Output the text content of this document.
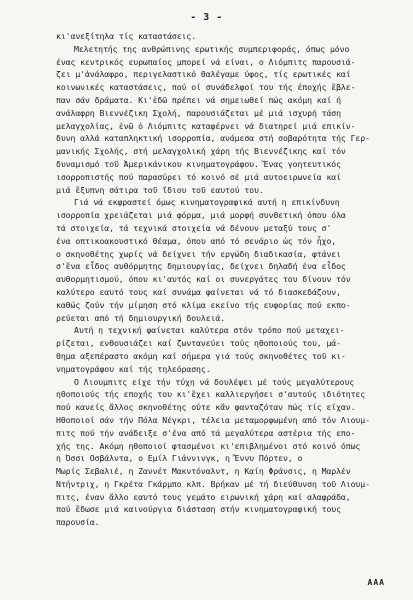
- 3 -
κι'ανεξίτηλα τίς καταστάσεις.
Μελετητής της ανθρώπινης ερωτικής συμπεριφοράς, όπως μόνο
ένας κεντρικός ευρωπαίος μπορεί νά είναι, ο Λιόμπιτς παρουσιά-
ζει μ'ἀνάλαφρο, περιγελαστικό θαλέγαμε ύφος, τίς ερωτικές καί
κοινωνικές καταστάσεις, πού οί συνάδελφοί του τής έποχής ἔβλε-
παν σάν δράματα. Κι'ἐδῶ πρέπει νά σημειωθεί πώς ακόμη καί ή
ανάλαφρη Βιεννέζικη Σχολή, παρουσιάζεται μέ μιά ισχυρή τάση
μελαγχολίας, ἐνῶ ὁ Λιόμπιτς καταφέρνει νά διατηρεί μιά επικίν-
δυνη αλλά καταπληκτική ισορροπία, ανάμεσα στή σοβαρότητα τής Γερ-
μανικής Σχολής, στή μελαγχολική χάρη τής Βιεννέζικης καί τόν
δυναμισμό τοῦ Ἀμερικάνικου κινηματογράφου. Ἕνας γοητευτικός
ισορροπιστής πού παρασύρει τό κοινό σέ μιά αυτοειρωνεία καί
μιά ἔξυπνη σάτιρα τοῦ ἴδιου τοῦ εαυτού του.
Γιά νά εκφραστεί όμως κινηματογραφικά αυτή η επικίνδυνη
ισορροπία χρειάζεται μιά φόρμα, μιά μορφή συνθετική όπου όλα
τά στοιχεία, τά τεχνικά στοιχεία νά δένουν μεταξύ τους σ'
ένα οπτικοακουστικό θέαμα, όπου από τό σενάριο ὡς τόν ἦχο,
ο σκηνοθέτης χωρίς νά δείχνει τήν εργώδη διαδικασία, φτάνει
σ'ἕνα εἶδος αυθόρμητης δημιουργίας, δείχνει δηλαδή ένα εἶδος
αυθορμητισμού, όπου κι'αυτός καί οι συνεργάτες του δίνουν τόν
καλύτερο εαυτό τους καί συνάμα φαίνεται νά τό διασκεδάζουν,
καθώς ζούν τήν μίμηση στό κλίμα εκείνο τής ευφορίας πού εκπο-
ρεύεται από τή δημιουργική δουλειά.
Αυτή η τεχνική φαίνεται καλύτερα στόν τρόπο πού μεταχει-
ρίζεται, ενθουσιάζει καί ζωντανεύει τούς ηθοποιούς του, μά-
θημα αξεπέραστο ακόμη καί σήμερα γιά τούς σκηνοθέτες τοῦ κι-
νηματογράφου καί τής τηλεόρασης.
Ο Λιουμπιτς είχε τήν τύχη νά δουλέψει μέ τούς μεγαλύτερους
ηθοποιούς τής εποχής του κι'ἔχει καλλιεργήσει σ'αυτούς ιδιότητες
πού κανείς ἄλλος σκηνοθέτης ούτε κἄν φανταζόταν πώς τίς είχαν.
Ηθοποιοί σάν τήν Πόλα Νέγκρι, τέλεια μεταμορφωμένη από τόν Λιουμ-
πιτς πού τήν ανάδειξε σ'ένα από τά μεγαλύτερα αστέρια τής επο-
χής της. Ακόμη ηθοποιοί φτασμένοι κι'επιβλημένοι στό κοινό όπως
η Όσσι Οσβάλντα, ο Εμίλ Γιάννινγκ, η Ἔννυ Πόρτεν, ο
Μωρίς Σεβαλιέ, η Ζαννέτ Μακντόναλντ, η Καίη Φράνσις, η Μαρλέν
Ντήντριχ, η Γκρέτα Γκάρμπο κλπ. Βρήκαν μέ τή διεύθυνση τοῦ Λιουμ-
πιτς, έναν ἄλλο εαυτό τους γεμάτο ειρωνική χάρη καί αλαφράδα,
πού ἔδωσε μιά καινούργια διάσταση στήν κινηματογραφική τους
παρουσία.
AAA
